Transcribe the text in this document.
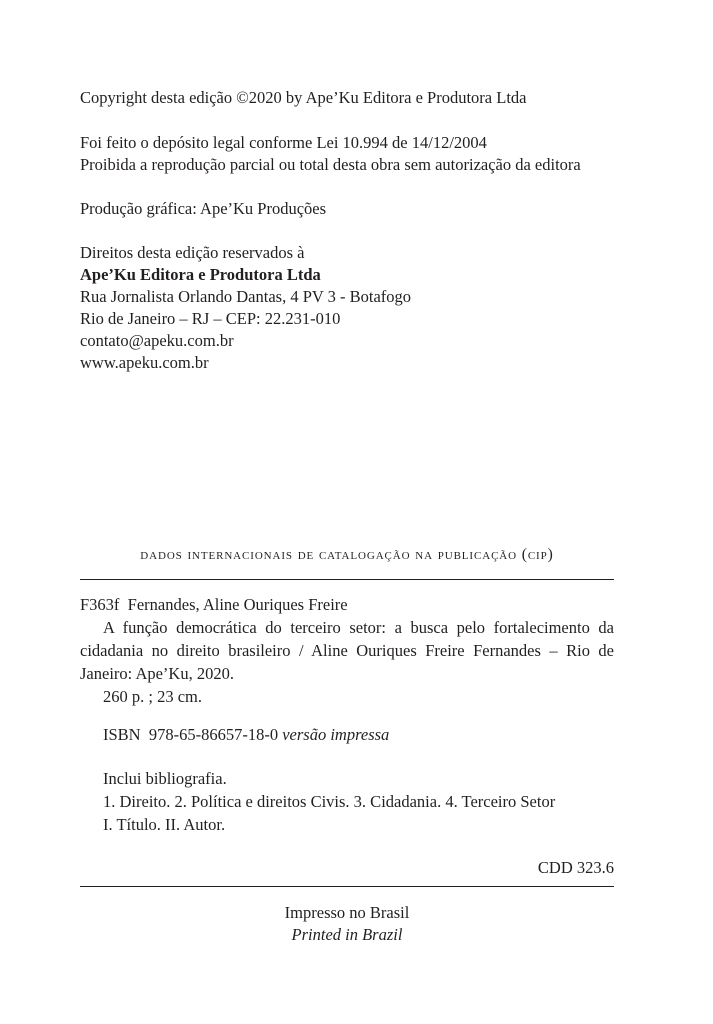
Copyright desta edição ©2020 by Ape’Ku Editora e Produtora Ltda
Foi feito o depósito legal conforme Lei 10.994 de 14/12/2004
Proibida a reprodução parcial ou total desta obra sem autorização da editora
Produção gráfica: Ape’Ku Produções
Direitos desta edição reservados à
Ape’Ku Editora e Produtora Ltda
Rua Jornalista Orlando Dantas, 4 PV 3 - Botafogo
Rio de Janeiro – RJ – CEP: 22.231-010
contato@apeku.com.br
www.apeku.com.br
dados internacionais de catalogação na publicação (cip)
F363f Fernandes, Aline Ouriques Freire
A função democrática do terceiro setor: a busca pelo fortalecimento da
cidadania no direito brasileiro / Aline Ouriques Freire Fernandes – Rio de
Janeiro: Ape’Ku, 2020.
260 p. ; 23 cm.
ISBN 978-65-86657-18-0 versão impressa
Inclui bibliografia.
1. Direito. 2. Política e direitos Civis. 3. Cidadania. 4. Terceiro Setor
I. Título. II. Autor.
CDD 323.6
Impresso no Brasil
Printed in Brazil
